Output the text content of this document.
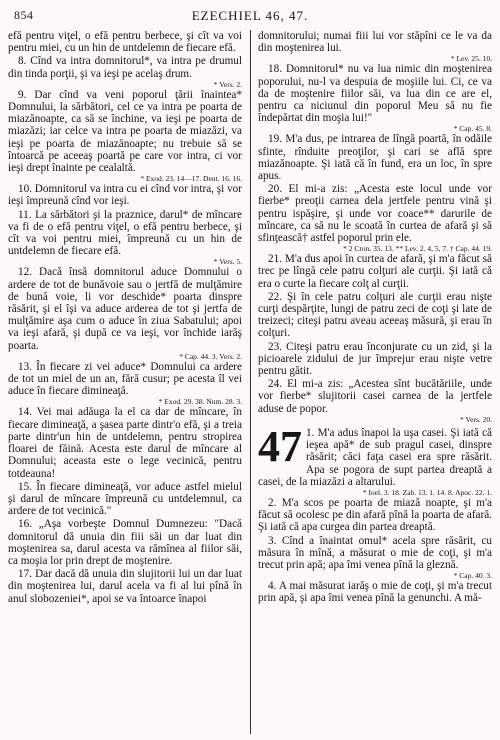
854	EZECHIEL 46, 47.

efă pentru viţel, o efă pentru berbece, şi cît va voi pentru miei, cu un hin de untdelemn de fiecare efă.

8. Cînd va intra domnitorul*, va intra pe drumul din tinda porţii, şi va ieşi pe acelaş drum.

* Vers. 2.

9. Dar cînd va veni poporul ţării înaintea* Domnului, la sărbători, cel ce va intra pe poarta de miazănoapte, ca să se închine, va ieşi pe poarta de miazăzi; iar celce va intra pe poarta de miazăzi, va ieşi pe poarta de miazănoapte; nu trebuie să se întoarcă pe aceeaş poartă pe care vor intra, ci vor ieşi drept înainte pe cealaltă.

* Exod. 23. 14—17. Deut. 16. 16.

10. Domnitorul va intra cu ei cînd vor intra, şi vor ieşi împreună cînd vor ieşi.

11. La sărbători şi la praznice, darul* de mîncare va fi de o efă pentru viţel, o efă pentru berbece, şi cît va voi pentru miei, împreună cu un hin de untdelemn de fiecare efă.

* Vers. 5.

12. Dacă însă domnitorul aduce Domnului o ardere de tot de bunăvoie sau o jertfă de mulţămire de bună voie, li vor deschide* poarta dinspre răsărit, şi el îşi va aduce arderea de tot şi jertfa de mulţămire aşa cum o aduce în ziua Sabatului; apoi va ieşi afară, şi după ce va ieşi, vor închide iarăş poarta.

* Cap. 44. 3. Vers. 2.

13. În fiecare zi vei aduce* Domnului ca ardere de tot un miel de un an, fără cusur; pe acesta îl vei aduce în fiecare dimineaţă.

* Exod. 29. 38. Num. 28. 3.

14. Vei mai adăuga la el ca dar de mîncare, în fiecare dimineaţă, a şasea parte dintr'o efă, şi a treia parte dintr'un hin de untdelemn, pentru stropirea floarei de făină. Acesta este darul de mîncare al Domnului; aceasta este o lege vecinică, pentru totdeauna!

15. În fiecare dimineaţă, vor aduce astfel mielul şi darul de mîncare împreună cu untdelemnul, ca ardere de tot vecinică."

16. „Aşa vorbeşte Domnul Dumnezeu: "Dacă domnitorul dă unuia din fiii săi un dar luat din moştenirea sa, darul acesta va rămînea al fiilor săi, ca moşia lor prin drept de moştenire.

17. Dar dacă dă unuia din slujitorii lui un dar luat din moştenirea lui, darul acela va fi al lui pînă în anul slobozeniei*, apoi se va întoarce înapoi

domnitorului; numai fiii lui vor stăpîni ce le va da din moştenirea lui.

* Lev. 25. 10.

18. Domnitorul* nu va lua nimic din moştenirea poporului, nu-l va despuia de moşiile lui. Ci, ce va da de moştenire fiilor săi, va lua din ce are el, pentru ca niciunul din poporul Meu să nu fie îndepărtat din moşia lui!"

* Cap. 45. 8.

19. M'a dus, pe intrarea de lîngă poartă, în odăile sfinte, rînduite preoţilor, şi cari se află spre miazănoapte. Şi iată că în fund, era un loc, în spre apus.

20. El mi-a zis: „Acesta este locul unde vor fierbe* preoţii carnea dela jertfele pentru vină şi pentru ispăşire, şi unde vor coace** darurile de mîncare, ca să nu le scoată în curtea de afară şi să sfinţească† astfel poporul prin ele.

* 2 Cron. 35. 13. ** Lev. 2. 4, 5, 7. † Cap. 44. 19.

21. M'a dus apoi în curtea de afară, şi m'a făcut să trec pe lîngă cele patru colţuri ale curţii. Şi iată că era o curte la fiecare colţ al curţii.

22. Şi în cele patru colţuri ale curţii erau nişte curţi despărţite, lungi de patru zeci de coţi şi late de treizeci; citeşi patru aveau aceeaş măsură, şi erau în colţuri.

23. Citeşi patru erau înconjurate cu un zid, şi la picioarele zidului de jur împrejur erau nişte vetre pentru gătit.

24. El mi-a zis: „Acestea sînt bucătăriile, unde vor fierbe* slujitorii casei carnea de la jertfele aduse de popor.

* Vers. 20.
47 1. M'a adus înapoi la uşa casei. Şi iată că ieşea apă* de sub pragul casei, dinspre răsărit; căci faţa casei era spre răsărit. Apa se pogora de supt partea dreaptă a casei, de la miazăzi a altarului.

* Ioel. 3. 18. Zah. 13. 1. 14. 8. Apoc. 22. 1.

2. M'a scos pe poarta de miază noapte, şi m'a făcut să ocolesc pe din afară pînă la poarta de afară. Şi iată că apa curgea din partea dreaptă.

3. Cînd a înaintat omul* acela spre răsărit, cu măsura în mînă, a măsurat o mie de coţi, şi m'a trecut prin apă; apa îmi venea pînă la gleznă.

* Cap. 40. 3.

4. A mai măsurat iarăş o mie de coţi, şi m'a trecut prin apă, şi apa îmi venea pînă la genunchi. A mă-
